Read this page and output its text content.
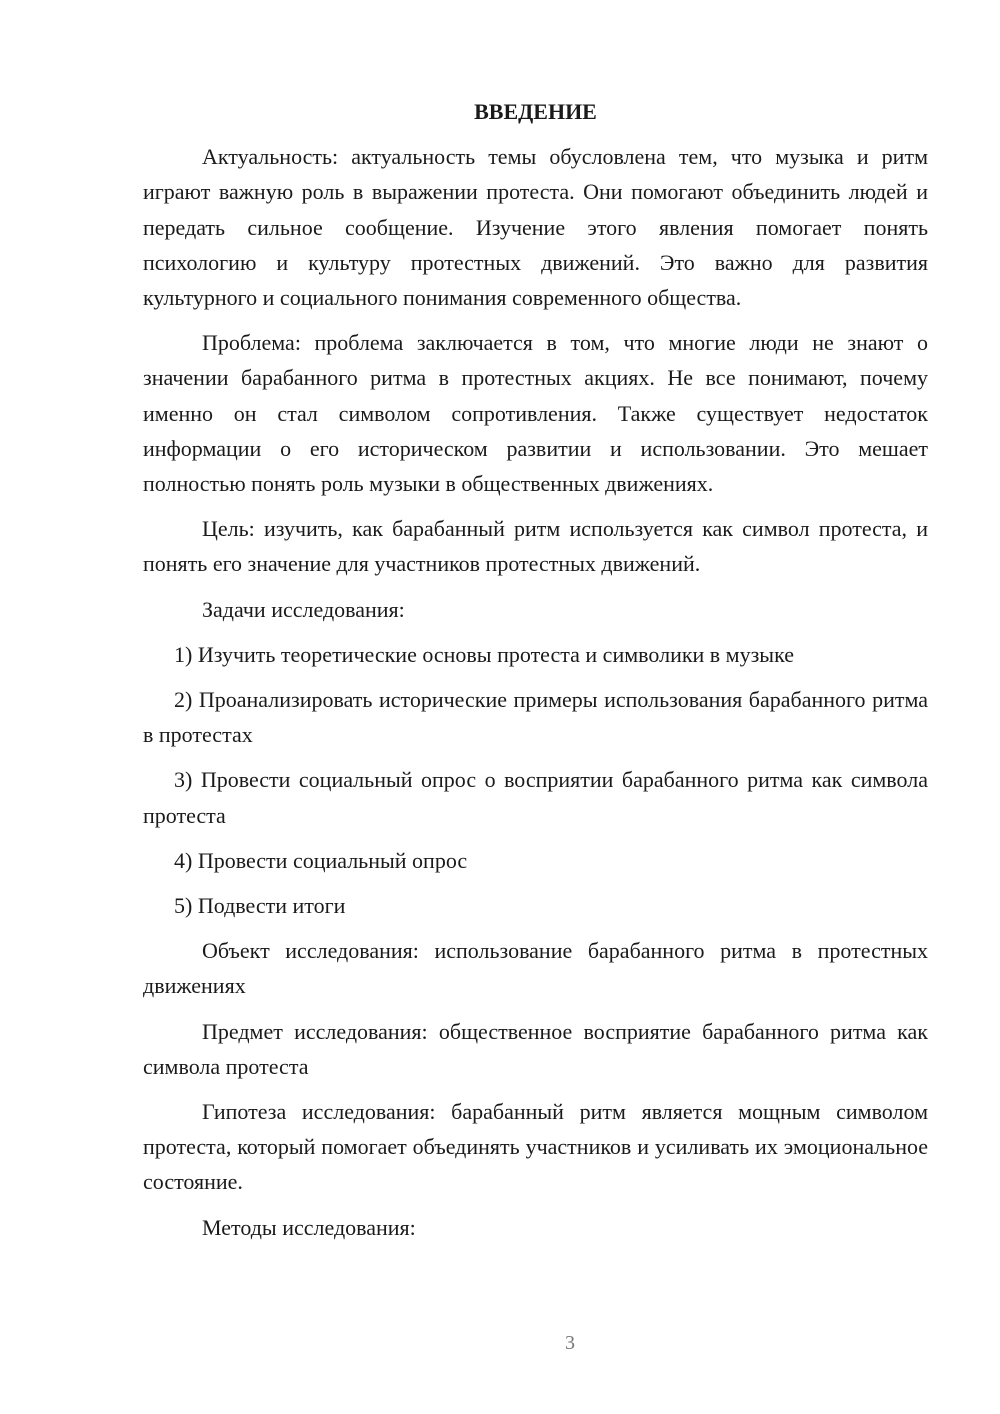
ВВЕДЕНИЕ

Актуальность: актуальность темы обусловлена тем, что музыка и ритм играют важную роль в выражении протеста. Они помогают объединить людей и передать сильное сообщение. Изучение этого явления помогает понять психологию и культуру протестных движений. Это важно для развития культурного и социального понимания современного общества.

Проблема: проблема заключается в том, что многие люди не знают о значении барабанного ритма в протестных акциях. Не все понимают, почему именно он стал символом сопротивления. Также существует недостаток информации о его историческом развитии и использовании. Это мешает полностью понять роль музыки в общественных движениях.

Цель: изучить, как барабанный ритм используется как символ протеста, и понять его значение для участников протестных движений.

Задачи исследования:

1) Изучить теоретические основы протеста и символики в музыке

2) Проанализировать исторические примеры использования барабанного ритма в протестах

3) Провести социальный опрос о восприятии барабанного ритма как символа протеста

4) Провести социальный опрос

5) Подвести итоги

Объект исследования: использование барабанного ритма в протестных движениях

Предмет исследования: общественное восприятие барабанного ритма как символа протеста

Гипотеза исследования: барабанный ритм является мощным символом протеста, который помогает объединять участников и усиливать их эмоциональное состояние.

Методы исследования:

3
